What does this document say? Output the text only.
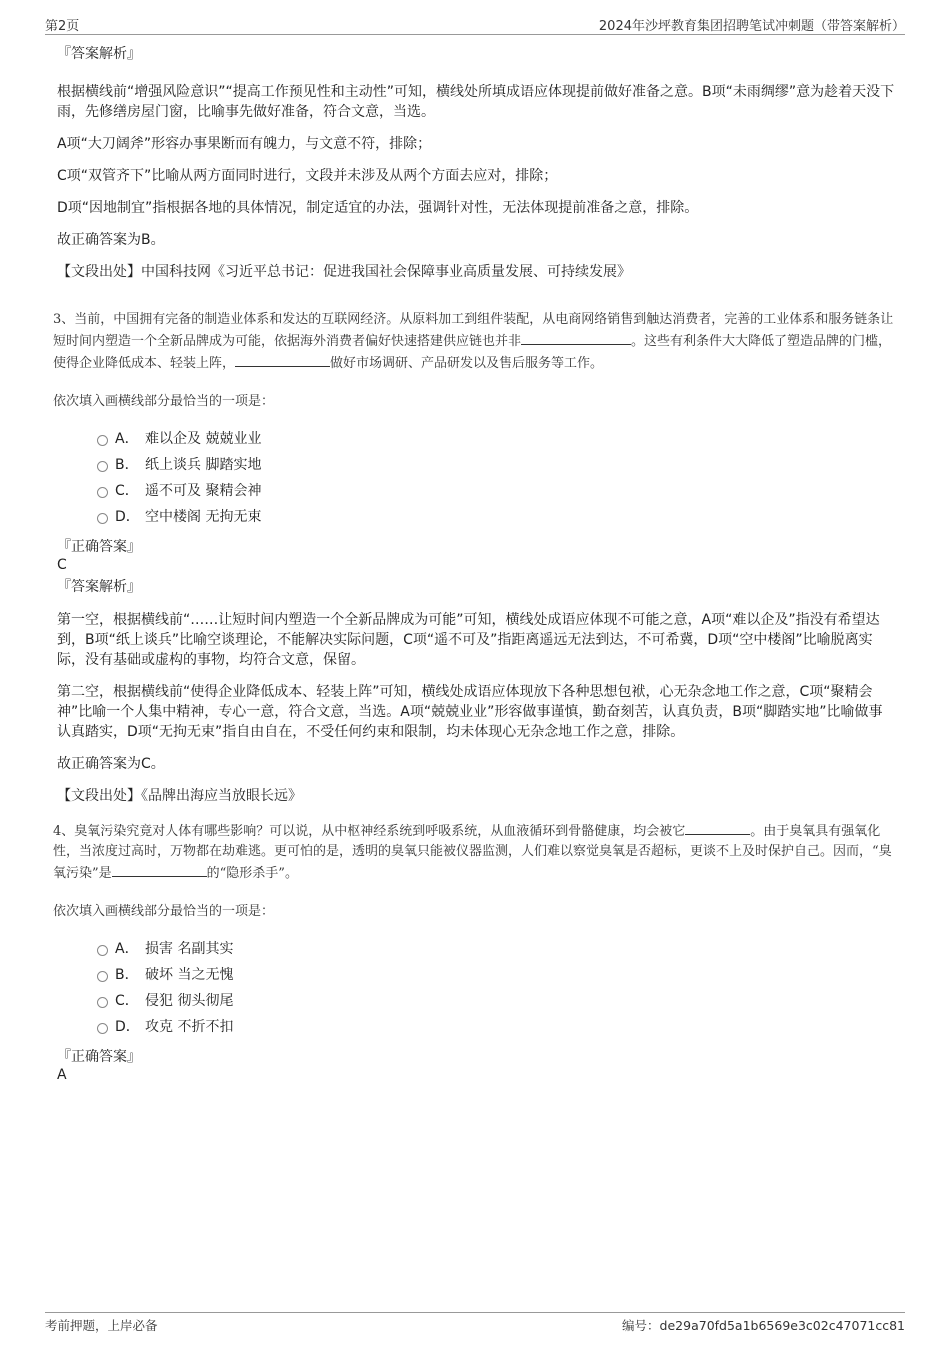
第2页	2024年沙坪教育集团招聘笔试冲刺题（带答案解析）

『答案解析』

根据横线前“增强风险意识”“提高工作预见性和主动性”可知，横线处所填成语应体现提前做好准备之意。B项“未雨绸缪”意为趁着天没下雨，先修缮房屋门窗，比喻事先做好准备，符合文意，当选。

A项“大刀阔斧”形容办事果断而有魄力，与文意不符，排除；

C项“双管齐下”比喻从两方面同时进行，文段并未涉及从两个方面去应对，排除；

D项“因地制宜”指根据各地的具体情况，制定适宜的办法，强调针对性，无法体现提前准备之意，排除。

故正确答案为B。

【文段出处】中国科技网《习近平总书记：促进我国社会保障事业高质量发展、可持续发展》

3、当前，中国拥有完备的制造业体系和发达的互联网经济。从原料加工到组件装配，从电商网络销售到触达消费者，完善的工业体系和服务链条让短时间内塑造一个全新品牌成为可能，依据海外消费者偏好快速搭建供应链也并非	。这些有利条件大大降低了塑造品牌的门槛，使得企业降低成本、轻装上阵，	做好市场调研、产品研发以及售后服务等工作。

依次填入画横线部分最恰当的一项是：

A． 难以企及 兢兢业业
B． 纸上谈兵 脚踏实地
C． 遥不可及 聚精会神
D． 空中楼阁 无拘无束

『正确答案』

C

『答案解析』

第一空，根据横线前“……让短时间内塑造一个全新品牌成为可能”可知，横线处成语应体现不可能之意，A项“难以企及”指没有希望达到，B项“纸上谈兵”比喻空谈理论，不能解决实际问题，C项“遥不可及”指距离遥远无法到达，不可希冀，D项“空中楼阁”比喻脱离实际，没有基础或虚构的事物，均符合文意，保留。

第二空，根据横线前“使得企业降低成本、轻装上阵”可知，横线处成语应体现放下各种思想包袱，心无杂念地工作之意，C项“聚精会神”比喻一个人集中精神，专心一意，符合文意，当选。A项“兢兢业业”形容做事谨慎，勤奋刻苦，认真负责，B项“脚踏实地”比喻做事认真踏实，D项“无拘无束”指自由自在，不受任何约束和限制，均未体现心无杂念地工作之意，排除。

故正确答案为C。

【文段出处】《品牌出海应当放眼长远》

4、臭氧污染究竟对人体有哪些影响？可以说，从中枢神经系统到呼吸系统，从血液循环到骨骼健康，均会被它	。由于臭氧具有强氧化性，当浓度过高时，万物都在劫难逃。更可怕的是，透明的臭氧只能被仪器监测，人们难以察觉臭氧是否超标，更谈不上及时保护自己。因而，“臭氧污染”是	的“隐形杀手”。

依次填入画横线部分最恰当的一项是：

A． 损害 名副其实
B． 破坏 当之无愧
C． 侵犯 彻头彻尾
D． 攻克 不折不扣

『正确答案』

A

考前押题，上岸必备	编号：de29a70fd5a1b6569e3c02c47071cc81
